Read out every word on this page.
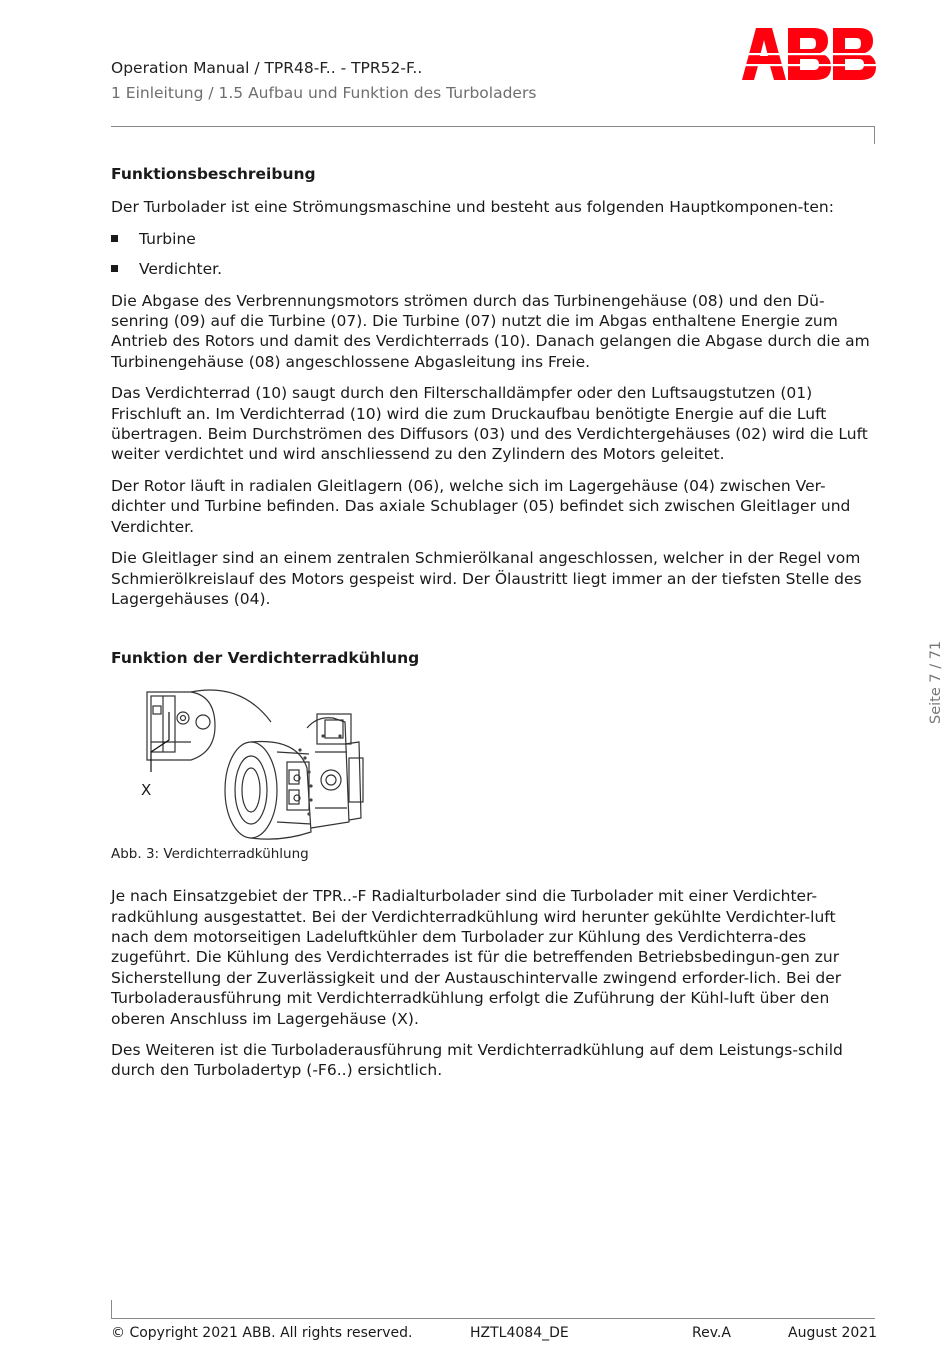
Operation Manual / TPR48-F.. - TPR52-F..
1 Einleitung / 1.5 Aufbau und Funktion des Turboladers
Funktionsbeschreibung

Der Turbolader ist eine Strömungsmaschine und besteht aus folgenden Hauptkomponen-ten:

Turbine
Verdichter.

Die Abgase des Verbrennungsmotors strömen durch das Turbinengehäuse (08) und den Dü-senring (09) auf die Turbine (07). Die Turbine (07) nutzt die im Abgas enthaltene Energie zum Antrieb des Rotors und damit des Verdichterrads (10). Danach gelangen die Abgase durch die am Turbinengehäuse (08) angeschlossene Abgasleitung ins Freie.

Das Verdichterrad (10) saugt durch den Filterschalldämpfer oder den Luftsaugstutzen (01) Frischluft an. Im Verdichterrad (10) wird die zum Druckaufbau benötigte Energie auf die Luft übertragen. Beim Durchströmen des Diffusors (03) und des Verdichtergehäuses (02) wird die Luft weiter verdichtet und wird anschliessend zu den Zylindern des Motors geleitet.

Der Rotor läuft in radialen Gleitlagern (06), welche sich im Lagergehäuse (04) zwischen Ver-dichter und Turbine befinden. Das axiale Schublager (05) befindet sich zwischen Gleitlager und Verdichter.

Die Gleitlager sind an einem zentralen Schmierölkanal angeschlossen, welcher in der Regel vom Schmierölkreislauf des Motors gespeist wird. Der Ölaustritt liegt immer an der tiefsten Stelle des Lagergehäuses (04).

Funktion der Verdichterradkühlung
X
Abb. 3: Verdichterradkühlung

Je nach Einsatzgebiet der TPR..-F Radialturbolader sind die Turbolader mit einer Verdichter-radkühlung ausgestattet. Bei der Verdichterradkühlung wird herunter gekühlte Verdichter-luft nach dem motorseitigen Ladeluftkühler dem Turbolader zur Kühlung des Verdichterra-des zugeführt. Die Kühlung des Verdichterrades ist für die betreffenden Betriebsbedingun-gen zur Sicherstellung der Zuverlässigkeit und der Austauschintervalle zwingend erforder-lich. Bei der Turboladerausführung mit Verdichterradkühlung erfolgt die Zuführung der Kühl-luft über den oberen Anschluss im Lagergehäuse (X).

Des Weiteren ist die Turboladerausführung mit Verdichterradkühlung auf dem Leistungs-schild durch den Turboladertyp (-F6..) ersichtlich.

Seite 7 / 71
© Copyright 2021 ABB. All rights reserved.	HZTL4084_DE	Rev.A	August 2021
